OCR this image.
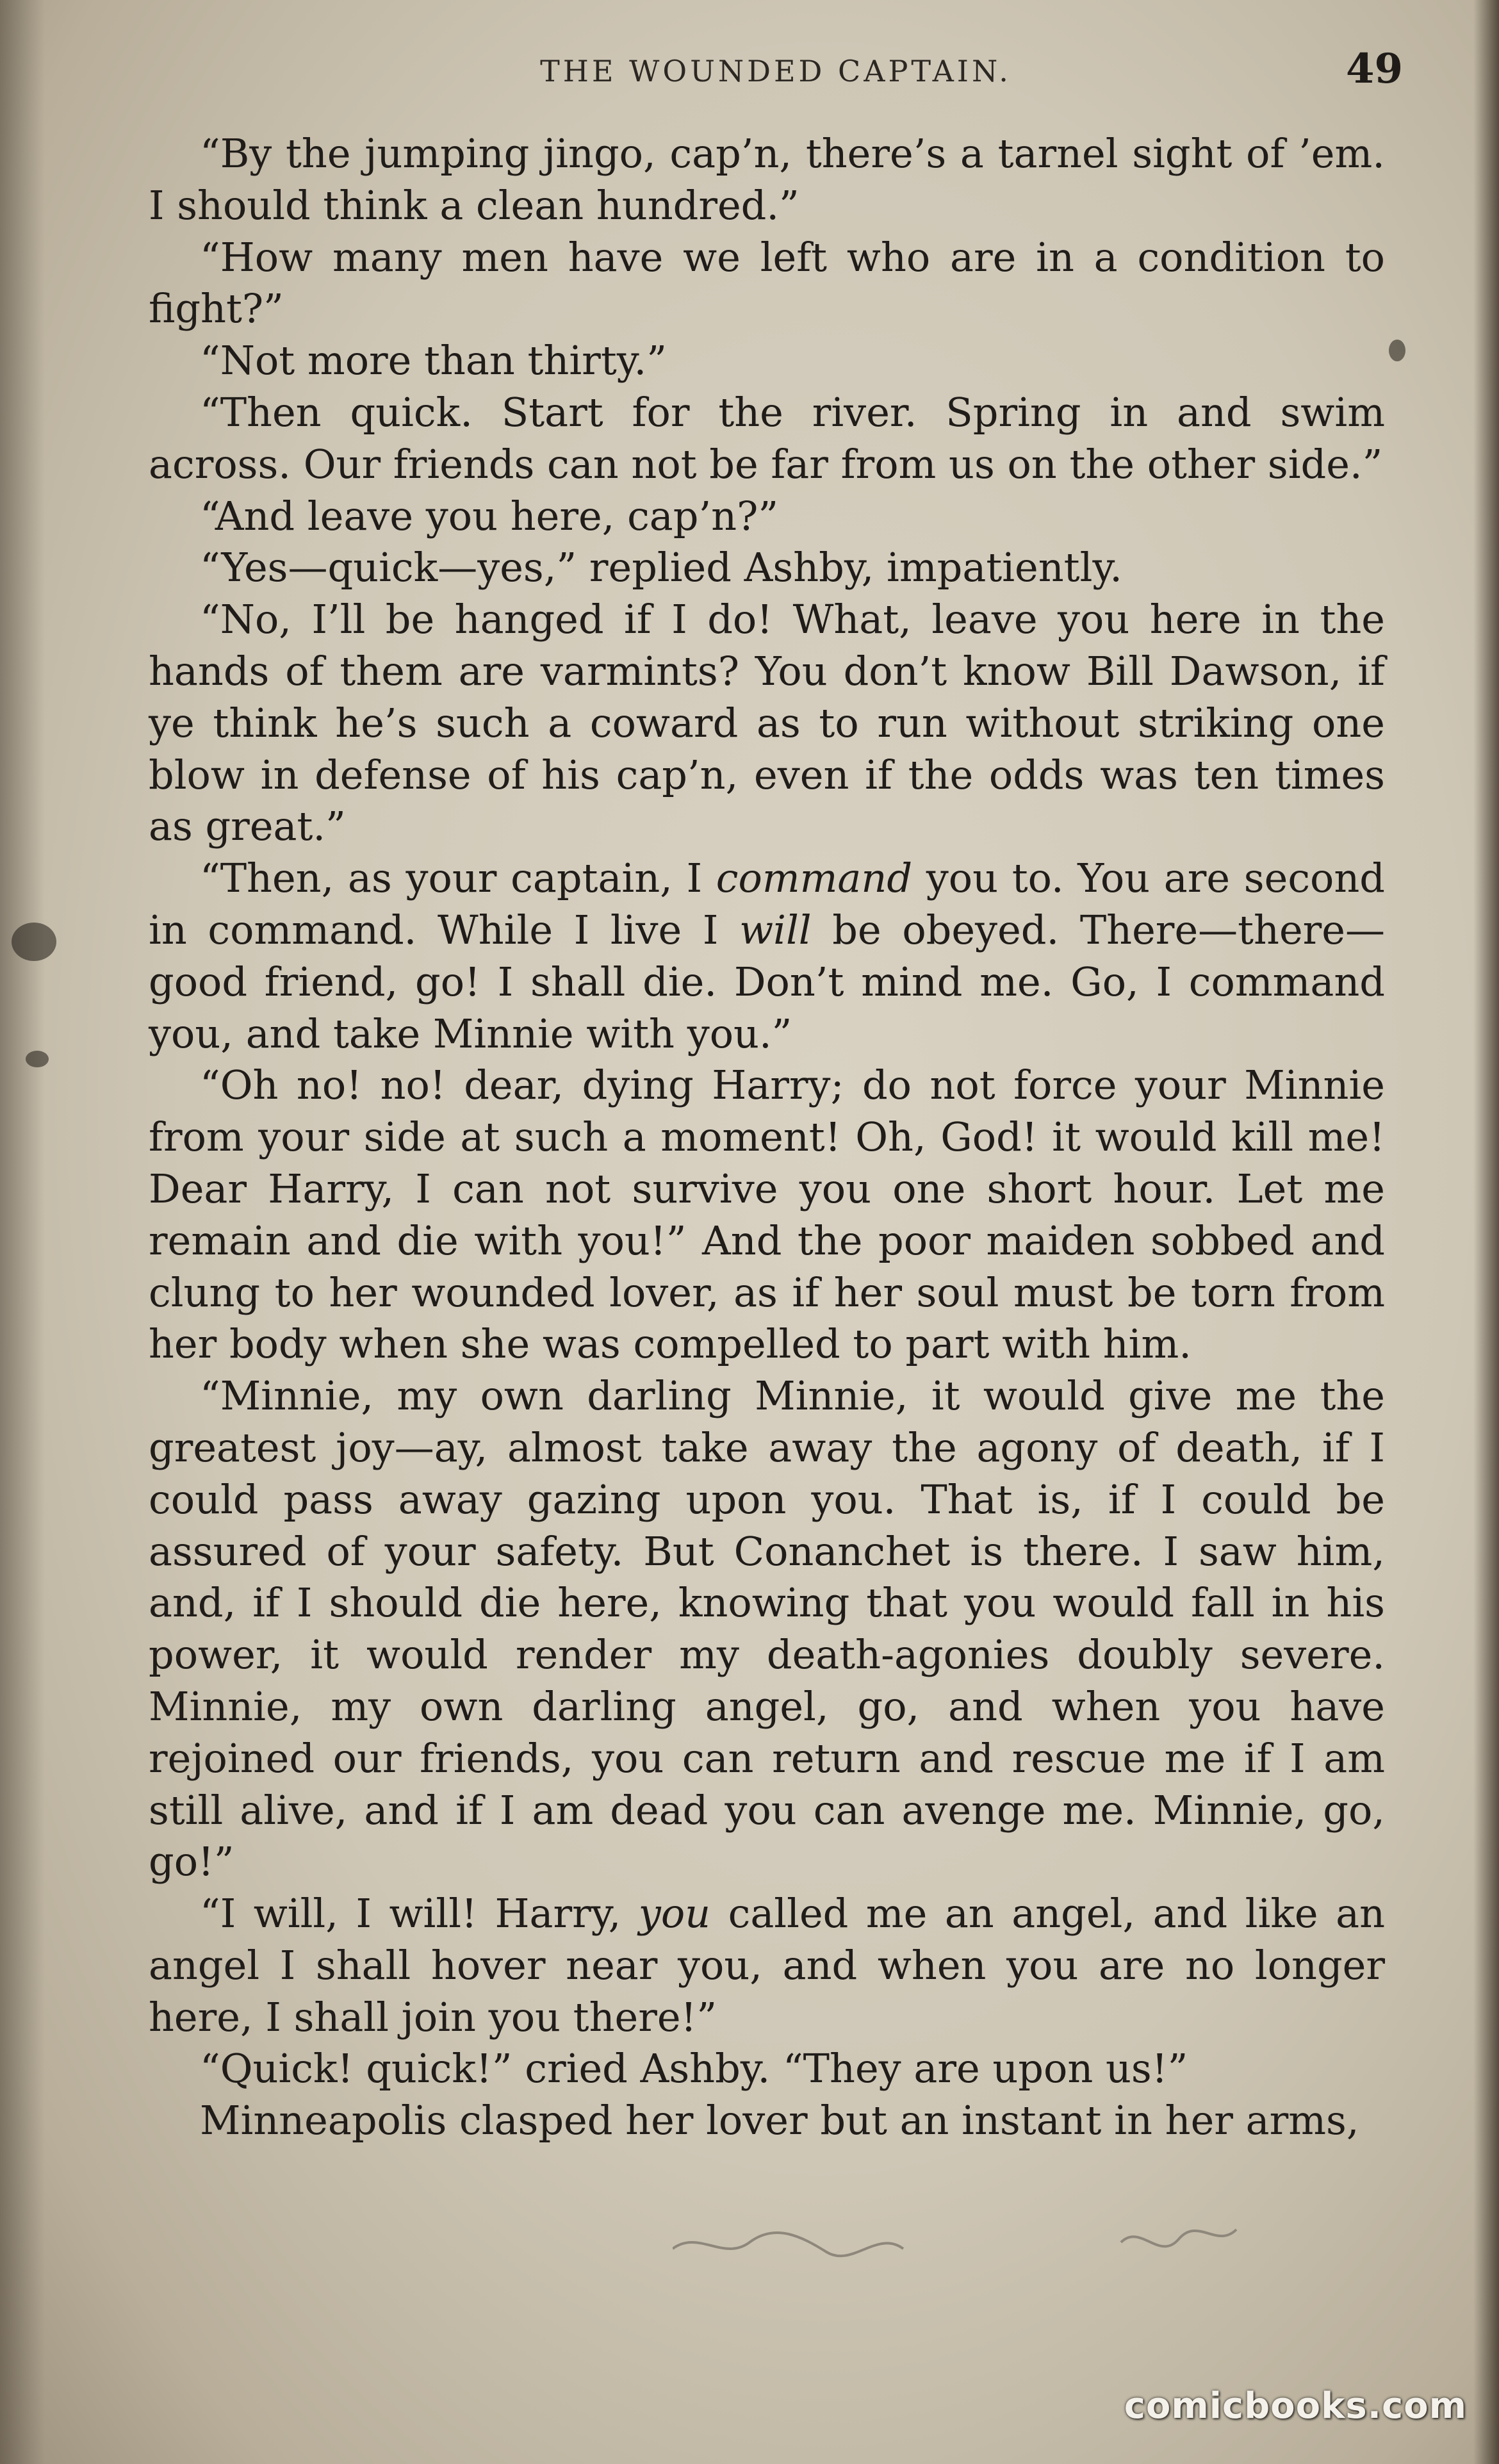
THE WOUNDED CAPTAIN.	49

“By the jumping jingo, cap’n, there’s a tarnel sight of ’em. I should think a clean hundred.”

“How many men have we left who are in a condition to fight?”

“Not more than thirty.”

“Then quick. Start for the river. Spring in and swim across. Our friends can not be far from us on the other side.”

“And leave you here, cap’n?”

“Yes—quick—yes,” replied Ashby, impatiently.

“No, I’ll be hanged if I do! What, leave you here in the hands of them are varmints? You don’t know Bill Dawson, if ye think he’s such a coward as to run without striking one blow in defense of his cap’n, even if the odds was ten times as great.”

“Then, as your captain, I command you to. You are second in command. While I live I will be obeyed. There—there—good friend, go! I shall die. Don’t mind me. Go, I command you, and take Minnie with you.”

“Oh no! no! dear, dying Harry; do not force your Minnie from your side at such a moment! Oh, God! it would kill me! Dear Harry, I can not survive you one short hour. Let me remain and die with you!” And the poor maiden sobbed and clung to her wounded lover, as if her soul must be torn from her body when she was compelled to part with him.

“Minnie, my own darling Minnie, it would give me the greatest joy—ay, almost take away the agony of death, if I could pass away gazing upon you. That is, if I could be assured of your safety. But Conanchet is there. I saw him, and, if I should die here, knowing that you would fall in his power, it would render my death-agonies doubly severe. Minnie, my own darling angel, go, and when you have rejoined our friends, you can return and rescue me if I am still alive, and if I am dead you can avenge me. Minnie, go, go!”

“I will, I will! Harry, you called me an angel, and like an angel I shall hover near you, and when you are no longer here, I shall join you there!”

“Quick! quick!” cried Ashby. “They are upon us!”

Minneapolis clasped her lover but an instant in her arms,

comicbooks.com
